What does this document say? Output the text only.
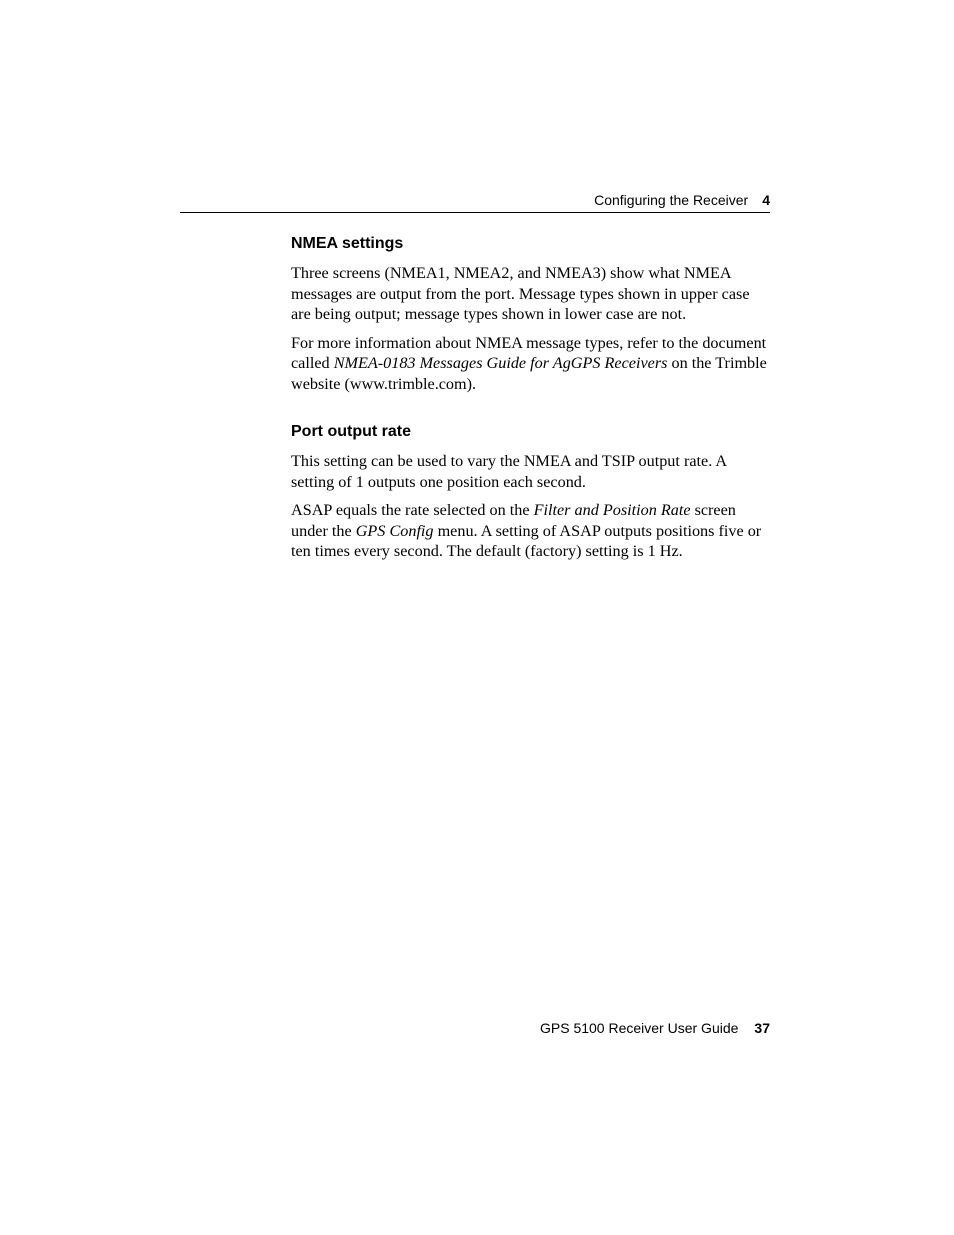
Configuring the Receiver 4
NMEA settings

Three screens (NMEA1, NMEA2, and NMEA3) show what NMEA messages are output from the port. Message types shown in upper case are being output; message types shown in lower case are not.

For more information about NMEA message types, refer to the document called NMEA-0183 Messages Guide for AgGPS Receivers on the Trimble website (www.trimble.com).

Port output rate

This setting can be used to vary the NMEA and TSIP output rate. A setting of 1 outputs one position each second.

ASAP equals the rate selected on the Filter and Position Rate screen under the GPS Config menu. A setting of ASAP outputs positions five or ten times every second. The default (factory) setting is 1 Hz.

GPS 5100 Receiver User Guide 37
